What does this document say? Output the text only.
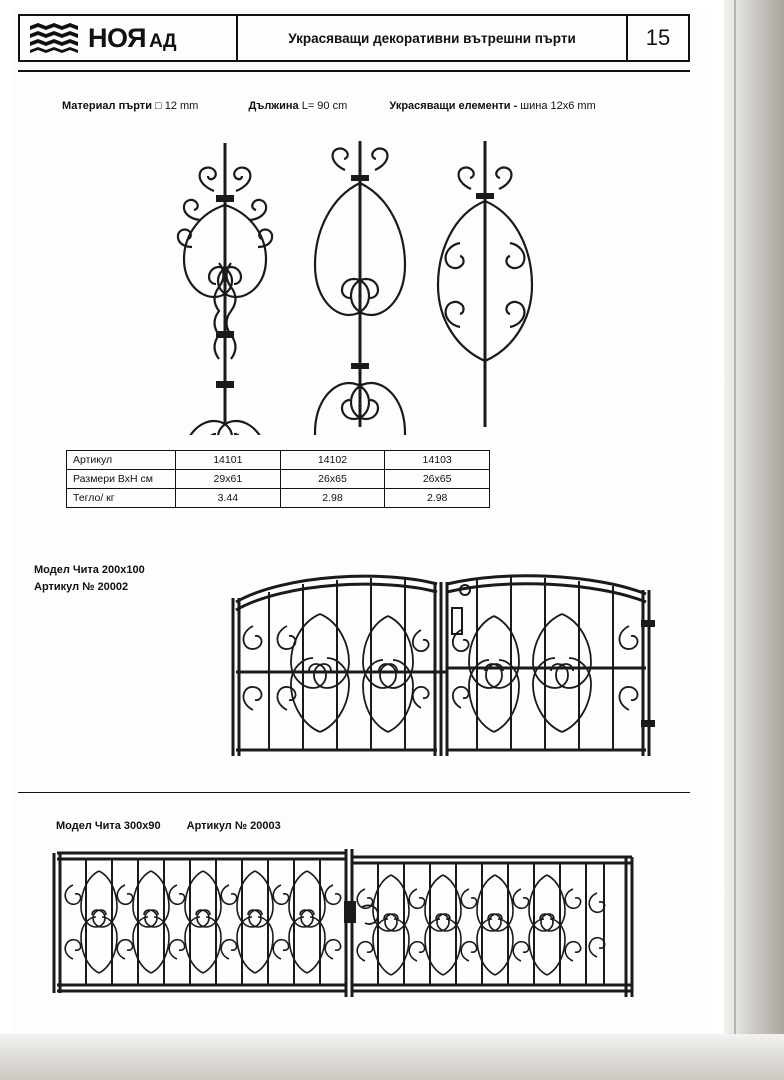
НОЯ АД	Украсяващи декоративни вътрешни пърти	15
Материал пърти □ 12 mm	Дължина L= 90 cm	Украсяващи елементи - шина 12x6 mm
Артикул	14101	14102	14103
Размери ВхН см	29x61	26x65	26x65
Тегло/ кг	3.44	2.98	2.98
Модел Чита 200x100
Артикул № 20002
Модел Чита 300x90 Артикул № 20003
